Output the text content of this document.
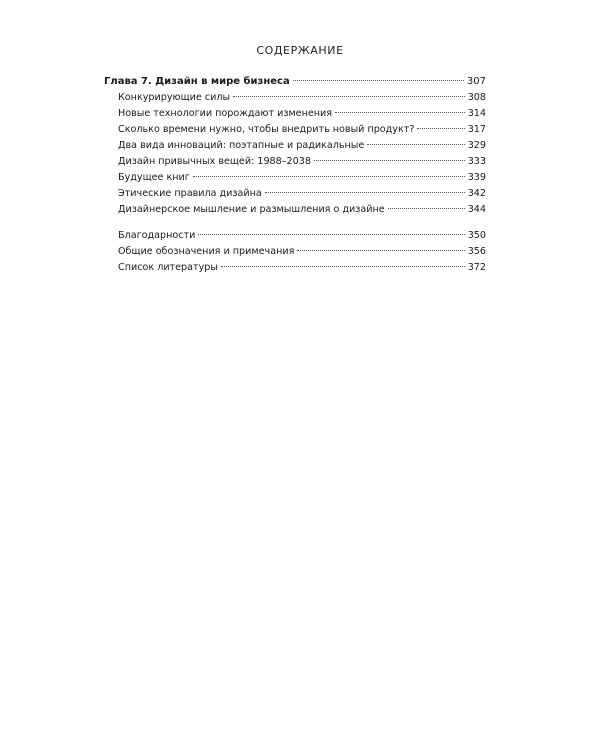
СОДЕРЖАНИЕ
Глава 7. Дизайн в мире бизнеса	307
Конкурирующие силы	308
Новые технологии порождают изменения	314
Сколько времени нужно, чтобы внедрить новый продукт?	317
Два вида инноваций: поэтапные и радикальные	329
Дизайн привычных вещей: 1988–2038	333
Будущее книг	339
Этические правила дизайна	342
Дизайнерское мышление и размышления о дизайне	344
Благодарности	350
Общие обозначения и примечания	356
Список литературы	372
